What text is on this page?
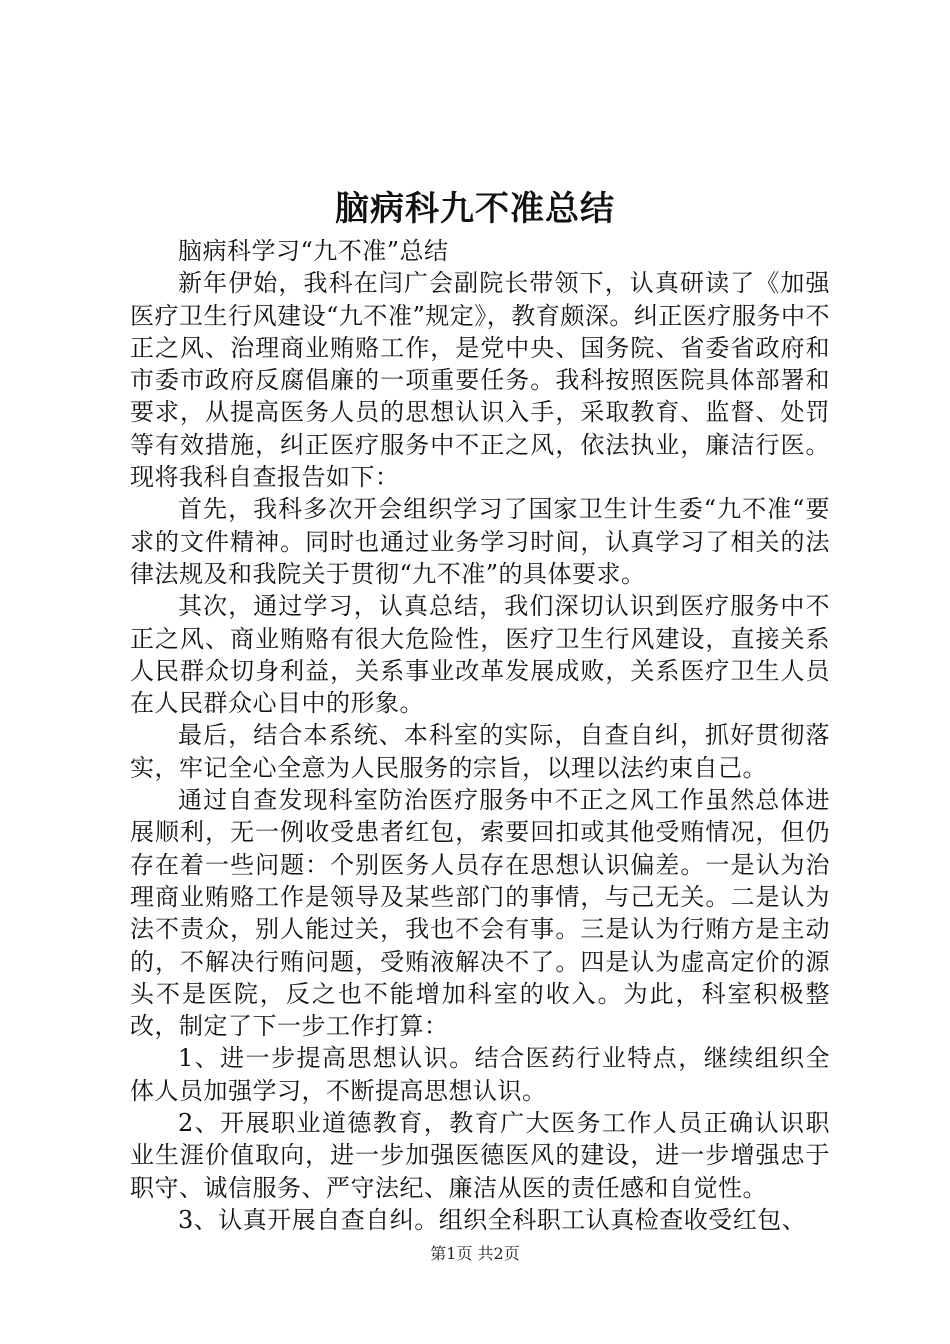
脑病科九不准总结

脑病科学习“九不准”总结

新年伊始，我科在闫广会副院长带领下，认真研读了《加强医疗卫生行风建设“九不准”规定》，教育颇深。纠正医疗服务中不正之风、治理商业贿赂工作，是党中央、国务院、省委省政府和市委市政府反腐倡廉的一项重要任务。我科按照医院具体部署和要求，从提高医务人员的思想认识入手，采取教育、监督、处罚等有效措施，纠正医疗服务中不正之风，依法执业，廉洁行医。现将我科自查报告如下：

首先，我科多次开会组织学习了国家卫生计生委“九不准“要求的文件精神。同时也通过业务学习时间，认真学习了相关的法律法规及和我院关于贯彻“九不准”的具体要求。

其次，通过学习，认真总结，我们深切认识到医疗服务中不正之风、商业贿赂有很大危险性，医疗卫生行风建设，直接关系人民群众切身利益，关系事业改革发展成败，关系医疗卫生人员在人民群众心目中的形象。

最后，结合本系统、本科室的实际，自查自纠，抓好贯彻落实，牢记全心全意为人民服务的宗旨，以理以法约束自己。

通过自查发现科室防治医疗服务中不正之风工作虽然总体进展顺利，无一例收受患者红包，索要回扣或其他受贿情况，但仍存在着一些问题：个别医务人员存在思想认识偏差。一是认为治理商业贿赂工作是领导及某些部门的事情，与己无关。二是认为法不责众，别人能过关，我也不会有事。三是认为行贿方是主动的，不解决行贿问题，受贿液解决不了。四是认为虚高定价的源头不是医院，反之也不能增加科室的收入。为此，科室积极整改，制定了下一步工作打算：

1、进一步提高思想认识。结合医药行业特点，继续组织全体人员加强学习，不断提高思想认识。

2、开展职业道德教育，教育广大医务工作人员正确认识职业生涯价值取向，进一步加强医德医风的建设，进一步增强忠于职守、诚信服务、严守法纪、廉洁从医的责任感和自觉性。

3、认真开展自查自纠。组织全科职工认真检查收受红包、

第1页 共2页
